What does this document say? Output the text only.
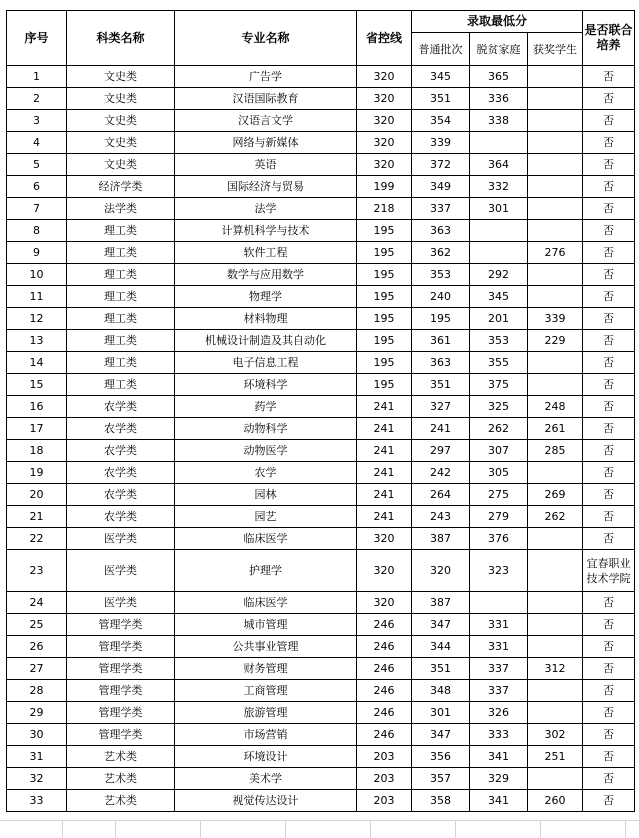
序号	科类名称	专业名称	省控线	录取最低分			是否联合培养
				普通批次	脱贫家庭	获奖学生	
1	文史类	广告学	320	345	365		否
2	文史类	汉语国际教育	320	351	336		否
3	文史类	汉语言文学	320	354	338		否
4	文史类	网络与新媒体	320	339			否
5	文史类	英语	320	372	364		否
6	经济学类	国际经济与贸易	199	349	332		否
7	法学类	法学	218	337	301		否
8	理工类	计算机科学与技术	195	363			否
9	理工类	软件工程	195	362		276	否
10	理工类	数学与应用数学	195	353	292		否
11	理工类	物理学	195	240	345		否
12	理工类	材料物理	195	195	201	339	否
13	理工类	机械设计制造及其自动化	195	361	353	229	否
14	理工类	电子信息工程	195	363	355		否
15	理工类	环境科学	195	351	375		否
16	农学类	药学	241	327	325	248	否
17	农学类	动物科学	241	241	262	261	否
18	农学类	动物医学	241	297	307	285	否
19	农学类	农学	241	242	305		否
20	农学类	园林	241	264	275	269	否
21	农学类	园艺	241	243	279	262	否
22	医学类	临床医学	320	387	376		否
23	医学类	护理学	320	320	323		宜春职业技术学院
24	医学类	临床医学	320	387			否
25	管理学类	城市管理	246	347	331		否
26	管理学类	公共事业管理	246	344	331		否
27	管理学类	财务管理	246	351	337	312	否
28	管理学类	工商管理	246	348	337		否
29	管理学类	旅游管理	246	301	326		否
30	管理学类	市场营销	246	347	333	302	否
31	艺术类	环境设计	203	356	341	251	否
32	艺术类	美术学	203	357	329		否
33	艺术类	视觉传达设计	203	358	341	260	否
